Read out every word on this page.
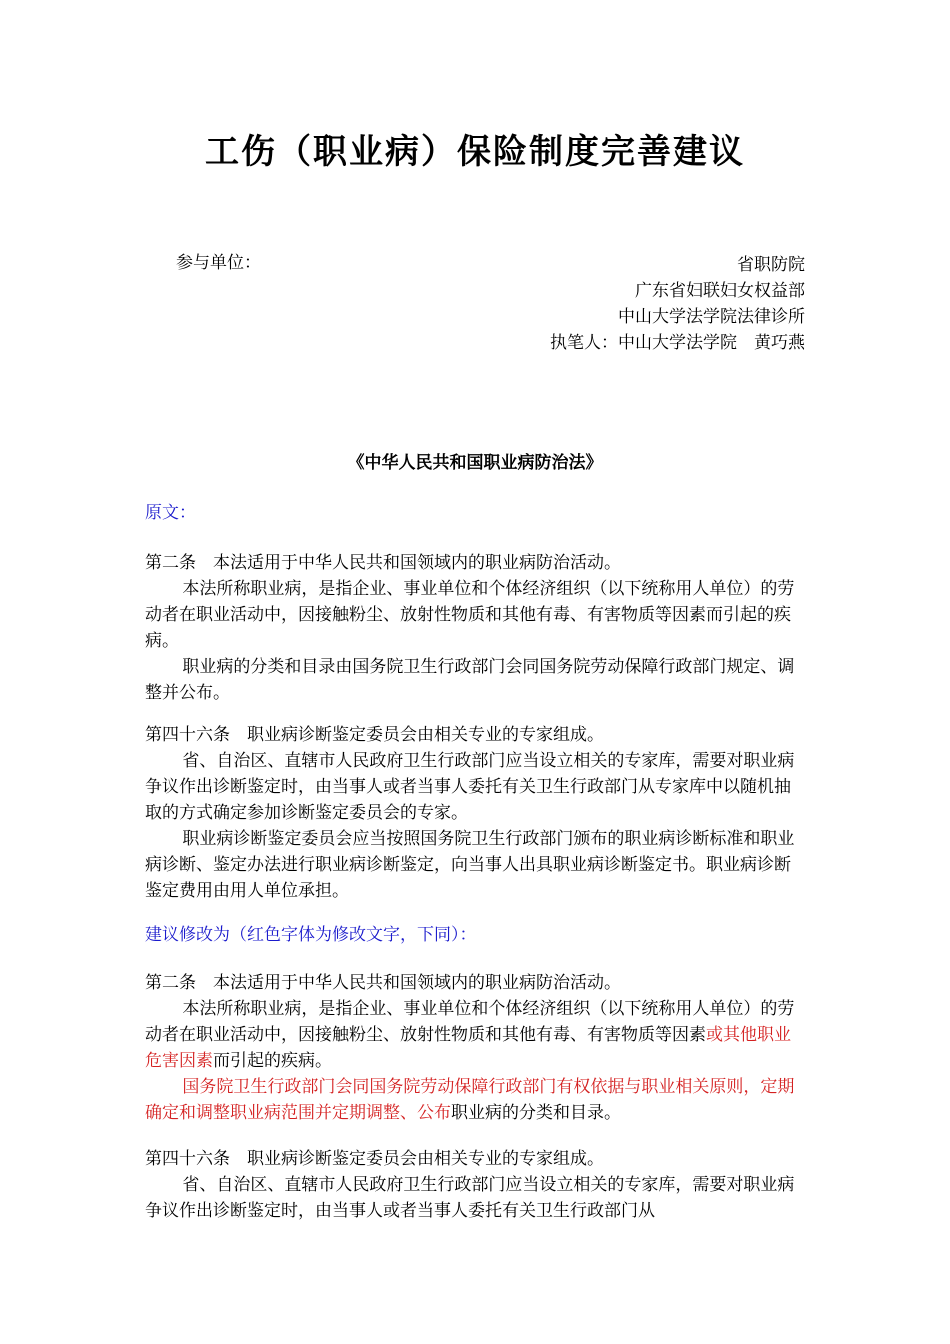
工伤（职业病）保险制度完善建议
参与单位：	省职防院
广东省妇联妇女权益部
中山大学法学院法律诊所
执笔人：中山大学法学院　黄巧燕
《中华人民共和国职业病防治法》

原文：

第二条　本法适用于中华人民共和国领域内的职业病防治活动。

本法所称职业病，是指企业、事业单位和个体经济组织（以下统称用人单位）的劳动者在职业活动中，因接触粉尘、放射性物质和其他有毒、有害物质等因素而引起的疾病。

职业病的分类和目录由国务院卫生行政部门会同国务院劳动保障行政部门规定、调整并公布。

第四十六条　职业病诊断鉴定委员会由相关专业的专家组成。

省、自治区、直辖市人民政府卫生行政部门应当设立相关的专家库，需要对职业病争议作出诊断鉴定时，由当事人或者当事人委托有关卫生行政部门从专家库中以随机抽取的方式确定参加诊断鉴定委员会的专家。

职业病诊断鉴定委员会应当按照国务院卫生行政部门颁布的职业病诊断标准和职业病诊断、鉴定办法进行职业病诊断鉴定，向当事人出具职业病诊断鉴定书。职业病诊断鉴定费用由用人单位承担。

建议修改为（红色字体为修改文字，下同）：

第二条　本法适用于中华人民共和国领域内的职业病防治活动。

本法所称职业病，是指企业、事业单位和个体经济组织（以下统称用人单位）的劳动者在职业活动中，因接触粉尘、放射性物质和其他有毒、有害物质等因素或其他职业危害因素而引起的疾病。

国务院卫生行政部门会同国务院劳动保障行政部门有权依据与职业相关原则，定期确定和调整职业病范围并定期调整、公布职业病的分类和目录。

第四十六条　职业病诊断鉴定委员会由相关专业的专家组成。

省、自治区、直辖市人民政府卫生行政部门应当设立相关的专家库，需要对职业病争议作出诊断鉴定时，由当事人或者当事人委托有关卫生行政部门从
